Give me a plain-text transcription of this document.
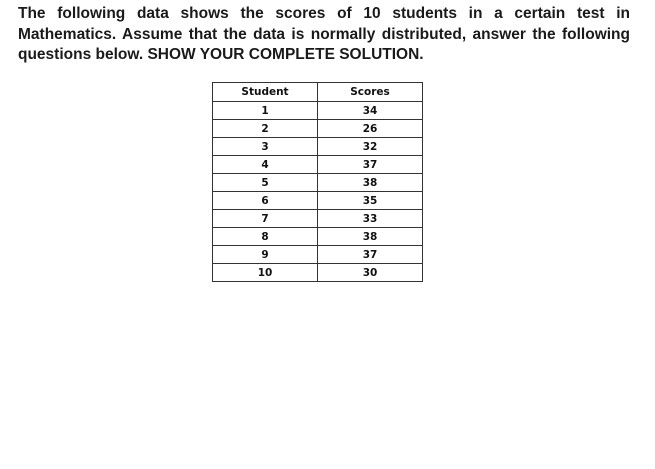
The following data shows the scores of 10 students in a certain test in
Mathematics. Assume that the data is normally distributed, answer the following
questions below. SHOW YOUR COMPLETE SOLUTION.
Student	Scores
1	34
2	26
3	32
4	37
5	38
6	35
7	33
8	38
9	37
10	30
